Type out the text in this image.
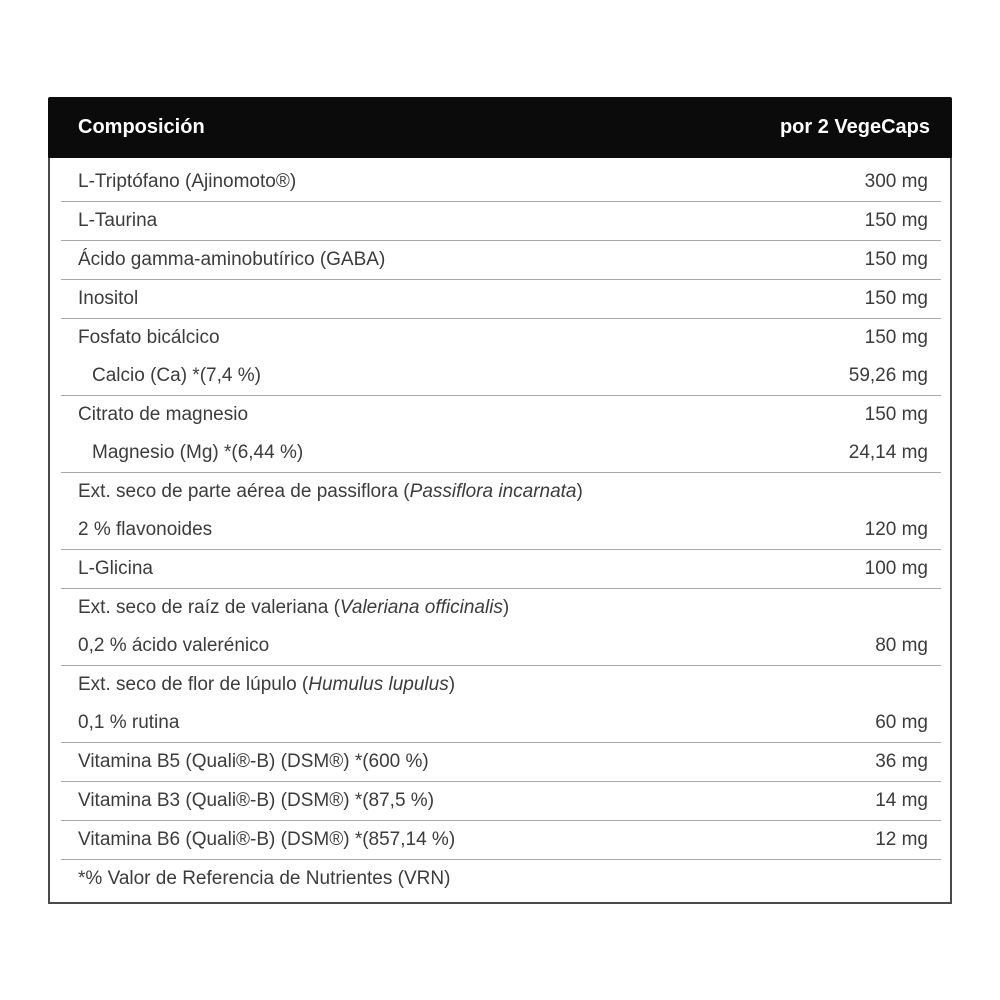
Composición	por 2 VegeCaps
L-Triptófano (Ajinomoto®)	300 mg
L-Taurina	150 mg
Ácido gamma-aminobutírico (GABA)	150 mg
Inositol	150 mg
Fosfato bicálcico	150 mg
Calcio (Ca) *(7,4 %)	59,26 mg
Citrato de magnesio	150 mg
Magnesio (Mg) *(6,44 %)	24,14 mg
Ext. seco de parte aérea de passiflora (Passiflora incarnata)
2 % flavonoides	120 mg
L-Glicina	100 mg
Ext. seco de raíz de valeriana (Valeriana officinalis)
0,2 % ácido valerénico	80 mg
Ext. seco de flor de lúpulo (Humulus lupulus)
0,1 % rutina	60 mg
Vitamina B5 (Quali®-B) (DSM®) *(600 %)	36 mg
Vitamina B3 (Quali®-B) (DSM®) *(87,5 %)	14 mg
Vitamina B6 (Quali®-B) (DSM®) *(857,14 %)	12 mg
*% Valor de Referencia de Nutrientes (VRN)
